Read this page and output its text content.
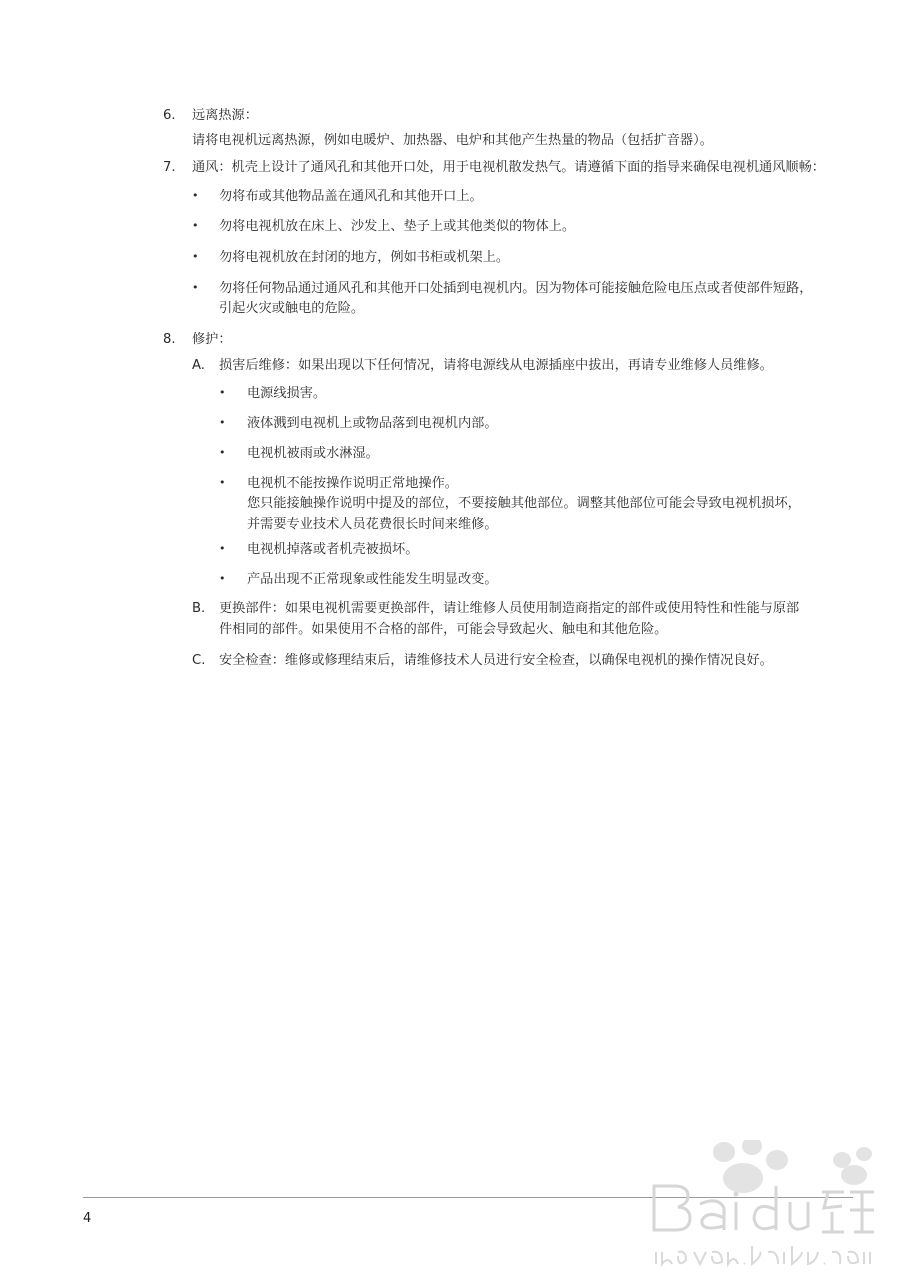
6. 远离热源：
请将电视机远离热源，例如电暖炉、加热器、电炉和其他产生热量的物品（包括扩音器）。
7. 通风：机壳上设计了通风孔和其他开口处，用于电视机散发热气。请遵循下面的指导来确保电视机通风顺畅：
• 勿将布或其他物品盖在通风孔和其他开口上。
• 勿将电视机放在床上、沙发上、垫子上或其他类似的物体上。
• 勿将电视机放在封闭的地方，例如书柜或机架上。
• 勿将任何物品通过通风孔和其他开口处插到电视机内。因为物体可能接触危险电压点或者使部件短路，
引起火灾或触电的危险。
8. 修护：
A. 损害后维修：如果出现以下任何情况，请将电源线从电源插座中拔出，再请专业维修人员维修。
• 电源线损害。
• 液体溅到电视机上或物品落到电视机内部。
• 电视机被雨或水淋湿。
• 电视机不能按操作说明正常地操作。
您只能接触操作说明中提及的部位，不要接触其他部位。调整其他部位可能会导致电视机损坏，
并需要专业技术人员花费很长时间来维修。
• 电视机掉落或者机壳被损坏。
• 产品出现不正常现象或性能发生明显改变。
B. 更换部件：如果电视机需要更换部件，请让维修人员使用制造商指定的部件或使用特性和性能与原部
件相同的部件。如果使用不合格的部件，可能会导致起火、触电和其他危险。
C. 安全检查：维修或修理结束后，请维修技术人员进行安全检查，以确保电视机的操作情况良好。
4
